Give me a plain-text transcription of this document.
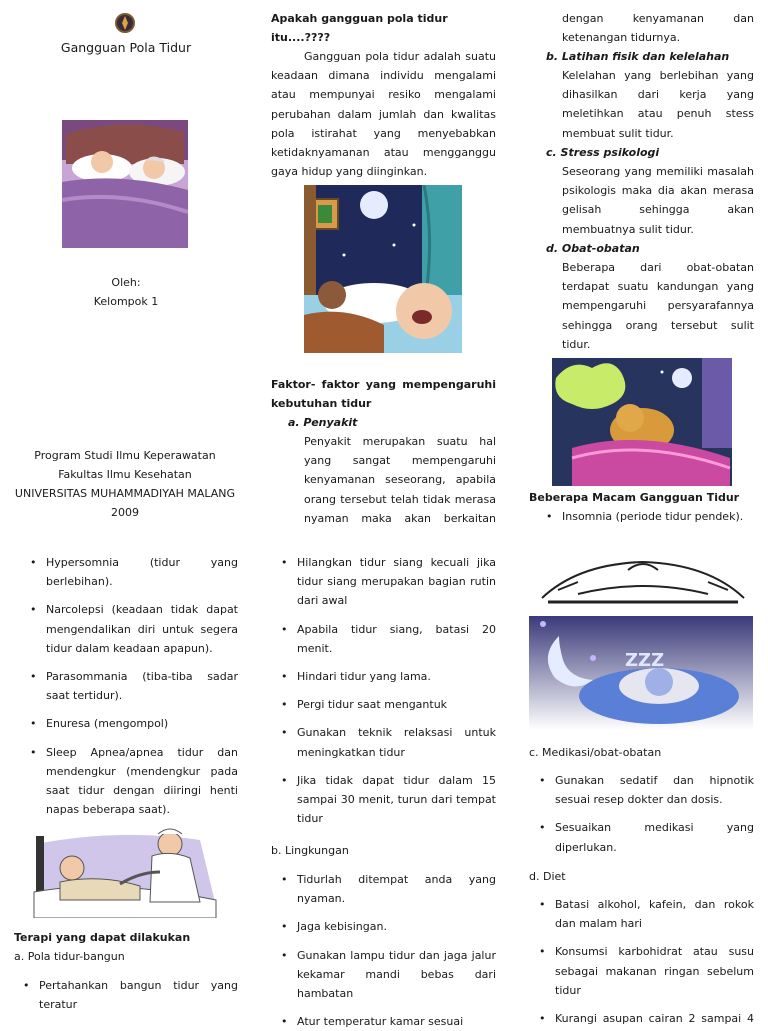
Gangguan Pola Tidur
Oleh:
Kelompok 1
Program Studi Ilmu Keperawatan
Fakultas Ilmu Kesehatan
UNIVERSITAS MUHAMMADIYAH MALANG
2009
• Hypersomnia (tidur yang
berlebihan).
• Narcolepsi (keadaan tidak dapat
mengendalikan diri untuk segera
tidur dalam keadaan apapun).
• Parasommania (tiba-tiba sadar
saat tertidur).
• Enuresa (mengompol)
• Sleep Apnea/apnea tidur dan
mendengkur (mendengkur pada
saat tidur dengan diiringi henti
napas beberapa saat).
Terapi yang dapat dilakukan
a. Pola tidur-bangun
• Pertahankan bangun tidur yang
teratur
Apakah gangguan pola tidur
itu....????
Gangguan pola tidur adalah suatu
keadaan dimana individu mengalami
atau mempunyai resiko mengalami
perubahan dalam jumlah dan kwalitas
pola istirahat yang menyebabkan
ketidaknyamanan atau mengganggu
gaya hidup yang diinginkan.
Faktor- faktor yang mempengaruhi
kebutuhan tidur
a. Penyakit
Penyakit merupakan suatu hal
yang sangat mempengaruhi
kenyamanan seseorang, apabila
orang tersebut telah tidak merasa
nyaman maka akan berkaitan
• Hilangkan tidur siang kecuali jika
tidur siang merupakan bagian rutin
dari awal
• Apabila tidur siang, batasi 20
menit.
• Hindari tidur yang lama.
• Pergi tidur saat mengantuk
• Gunakan teknik relaksasi untuk
meningkatkan tidur
• Jika tidak dapat tidur dalam 15
sampai 30 menit, turun dari tempat
tidur
b. Lingkungan
• Tidurlah ditempat anda yang
nyaman.
• Jaga kebisingan.
• Gunakan lampu tidur dan jaga jalur
kekamar mandi bebas dari
hambatan
• Atur temperatur kamar sesuai
dengan kenyamanan dan
ketenangan tidurnya.
b. Latihan fisik dan kelelahan
Kelelahan yang berlebihan yang
dihasilkan dari kerja yang
meletihkan atau penuh stess
membuat sulit tidur.
c. Stress psikologi
Seseorang yang memiliki masalah
psikologis maka dia akan merasa
gelisah sehingga akan
membuatnya sulit tidur.
d. Obat-obatan
Beberapa dari obat-obatan
terdapat suatu kandungan yang
mempengaruhi persyarafannya
sehingga orang tersebut sulit
tidur.
Beberapa Macam Gangguan Tidur
• Insomnia (periode tidur pendek).
ZZZ
c. Medikasi/obat-obatan
• Gunakan sedatif dan hipnotik
sesuai resep dokter dan dosis.
• Sesuaikan medikasi yang
diperlukan.
d. Diet
• Batasi alkohol, kafein, dan rokok
dan malam hari
• Konsumsi karbohidrat atau susu
sebagai makanan ringan sebelum
tidur
• Kurangi asupan cairan 2 sampai 4
